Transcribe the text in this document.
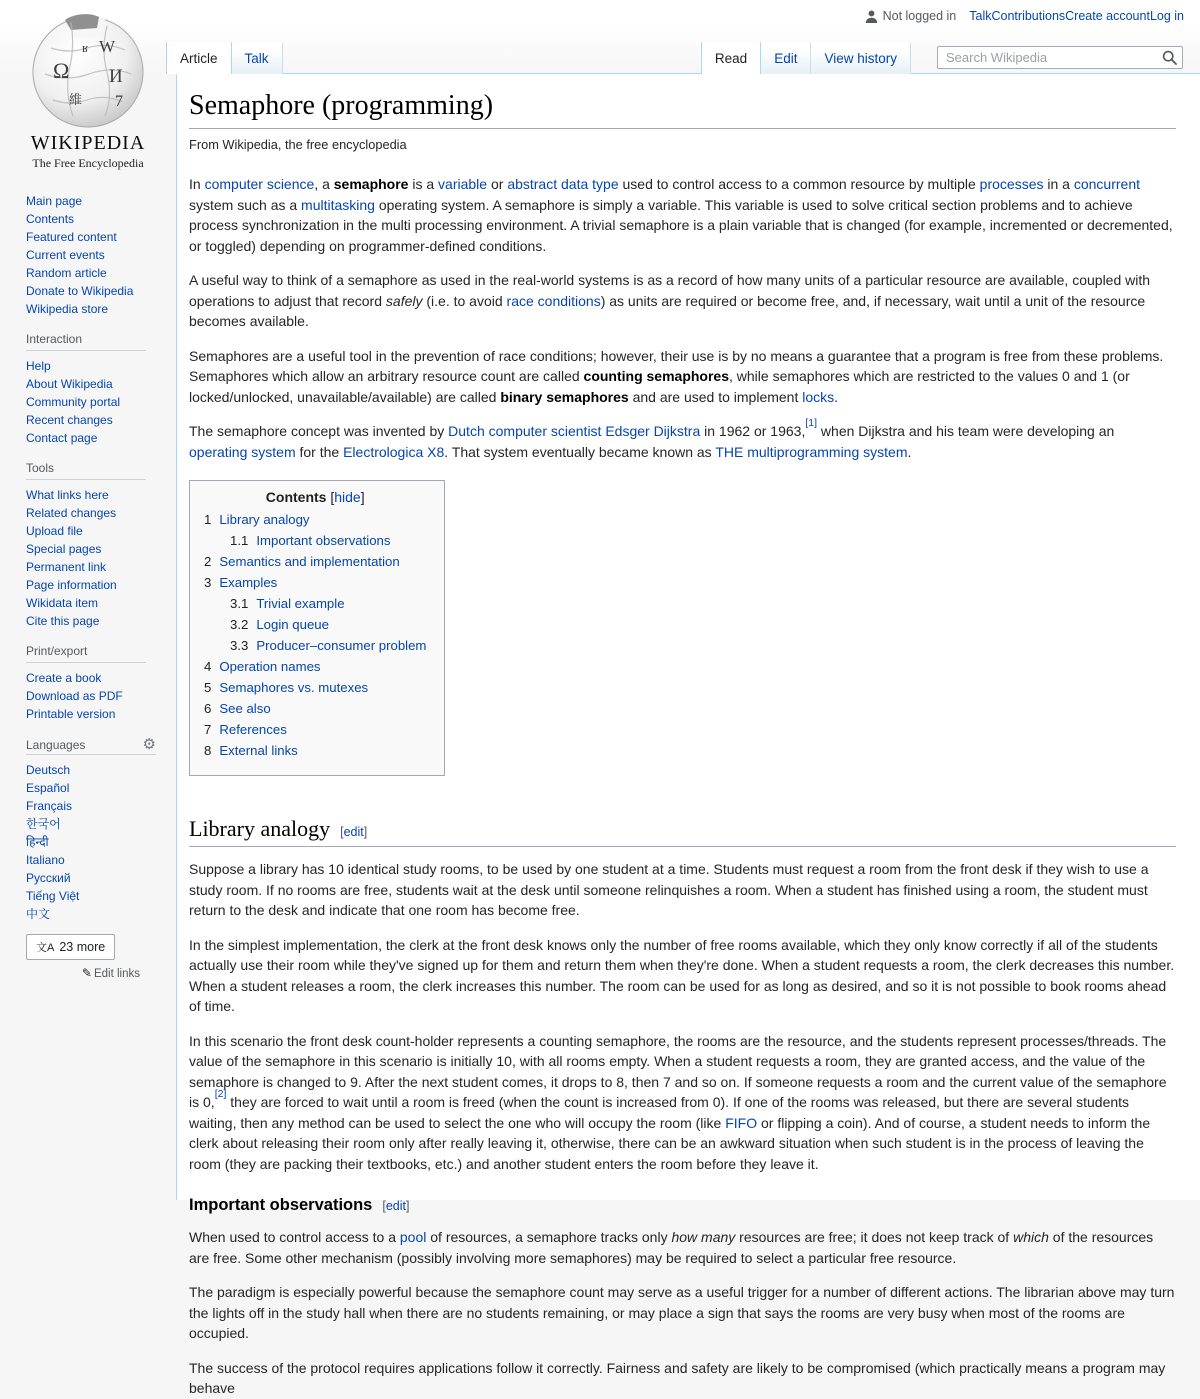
Not logged in TalkContributionsCreate accountLog in
Article Talk	Read Edit View history
Search Wikipedia
Ω
W
И
7
維
ʁ
WIKIPEDIA
The Free Encyclopedia
Main page
Contents
Featured content
Current events
Random article
Donate to Wikipedia
Wikipedia store
Interaction
Help
About Wikipedia
Community portal
Recent changes
Contact page
Tools
What links here
Related changes
Upload file
Special pages
Permanent link
Page information
Wikidata item
Cite this page
Print/export
Create a book
Download as PDF
Printable version
Languages	⚙
Deutsch
Español
Français
한국어
हिन्दी
Italiano
Русский
Tiếng Việt
中文
文A 23 more
✎ Edit links
Semaphore (programming)
From Wikipedia, the free encyclopedia

In computer science, a semaphore is a variable or abstract data type used to control access to a common resource by multiple processes in a concurrent system such as a multitasking operating system. A semaphore is simply a variable. This variable is used to solve critical section problems and to achieve process synchronization in the multi processing environment. A trivial semaphore is a plain variable that is changed (for example, incremented or decremented, or toggled) depending on programmer-defined conditions.

A useful way to think of a semaphore as used in the real-world systems is as a record of how many units of a particular resource are available, coupled with operations to adjust that record safely (i.e. to avoid race conditions) as units are required or become free, and, if necessary, wait until a unit of the resource becomes available.

Semaphores are a useful tool in the prevention of race conditions; however, their use is by no means a guarantee that a program is free from these problems. Semaphores which allow an arbitrary resource count are called counting semaphores, while semaphores which are restricted to the values 0 and 1 (or locked/unlocked, unavailable/available) are called binary semaphores and are used to implement locks.

The semaphore concept was invented by Dutch computer scientist Edsger Dijkstra in 1962 or 1963,[1] when Dijkstra and his team were developing an operating system for the Electrologica X8. That system eventually became known as THE multiprogramming system.

Contents [hide]
1 Library analogy
1.1 Important observations
2 Semantics and implementation
3 Examples
3.1 Trivial example
3.2 Login queue
3.3 Producer–consumer problem
4 Operation names
5 Semaphores vs. mutexes
6 See also
7 References
8 External links
Library analogy [edit]

Suppose a library has 10 identical study rooms, to be used by one student at a time. Students must request a room from the front desk if they wish to use a study room. If no rooms are free, students wait at the desk until someone relinquishes a room. When a student has finished using a room, the student must return to the desk and indicate that one room has become free.

In the simplest implementation, the clerk at the front desk knows only the number of free rooms available, which they only know correctly if all of the students actually use their room while they've signed up for them and return them when they're done. When a student requests a room, the clerk decreases this number. When a student releases a room, the clerk increases this number. The room can be used for as long as desired, and so it is not possible to book rooms ahead of time.

In this scenario the front desk count-holder represents a counting semaphore, the rooms are the resource, and the students represent processes/threads. The value of the semaphore in this scenario is initially 10, with all rooms empty. When a student requests a room, they are granted access, and the value of the semaphore is changed to 9. After the next student comes, it drops to 8, then 7 and so on. If someone requests a room and the current value of the semaphore is 0,[2] they are forced to wait until a room is freed (when the count is increased from 0). If one of the rooms was released, but there are several students waiting, then any method can be used to select the one who will occupy the room (like FIFO or flipping a coin). And of course, a student needs to inform the clerk about releasing their room only after really leaving it, otherwise, there can be an awkward situation when such student is in the process of leaving the room (they are packing their textbooks, etc.) and another student enters the room before they leave it.

Important observations [edit]

When used to control access to a pool of resources, a semaphore tracks only how many resources are free; it does not keep track of which of the resources are free. Some other mechanism (possibly involving more semaphores) may be required to select a particular free resource.

The paradigm is especially powerful because the semaphore count may serve as a useful trigger for a number of different actions. The librarian above may turn the lights off in the study hall when there are no students remaining, or may place a sign that says the rooms are very busy when most of the rooms are occupied.

The success of the protocol requires applications follow it correctly. Fairness and safety are likely to be compromised (which practically means a program may behave
